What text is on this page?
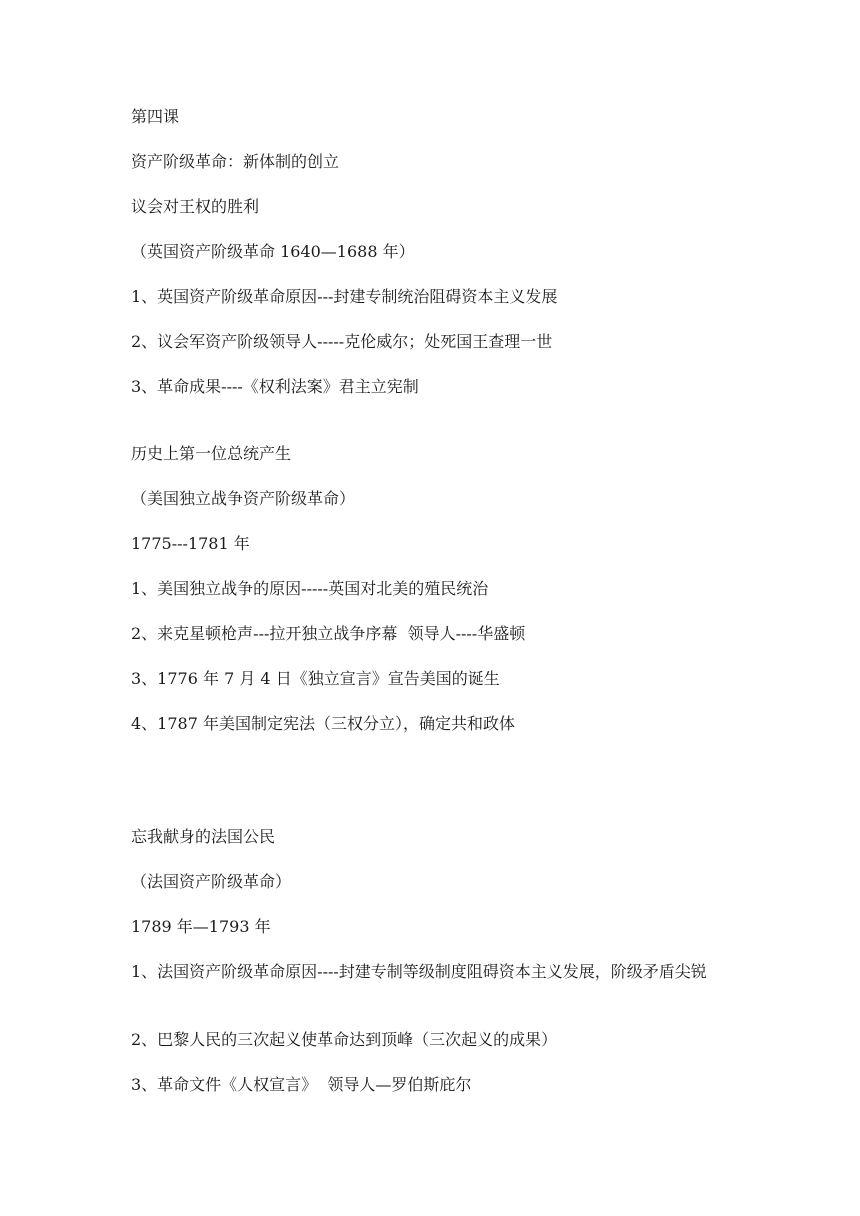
第四课
资产阶级革命：新体制的创立
议会对王权的胜利
（英国资产阶级革命 1640—1688 年）
1、英国资产阶级革命原因---封建专制统治阻碍资本主义发展
2、议会军资产阶级领导人-----克伦威尔；处死国王查理一世
3、革命成果----《权利法案》君主立宪制
历史上第一位总统产生
（美国独立战争资产阶级革命）
1775---1781 年
1、美国独立战争的原因-----英国对北美的殖民统治
2、来克星顿枪声---拉开独立战争序幕  领导人----华盛顿
3、1776 年 7 月 4 日《独立宣言》宣告美国的诞生
4、1787 年美国制定宪法（三权分立），确定共和政体
忘我献身的法国公民
（法国资产阶级革命）
1789 年—1793 年
1、法国资产阶级革命原因----封建专制等级制度阻碍资本主义发展，阶级矛盾尖锐
2、巴黎人民的三次起义使革命达到顶峰（三次起义的成果）
3、革命文件《人权宣言》  领导人—罗伯斯庇尔
